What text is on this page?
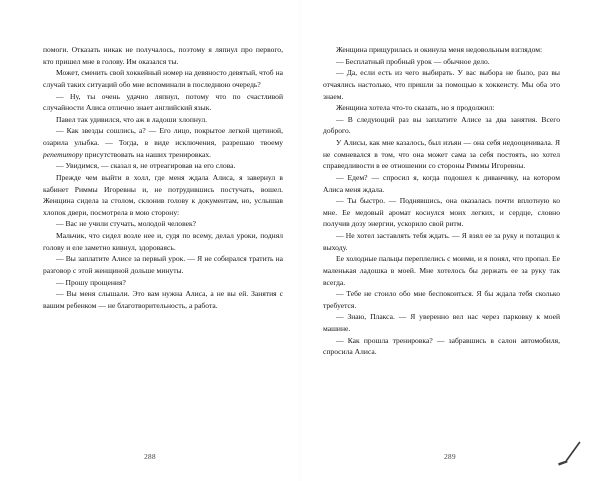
помоги. Отказать никак не получалось, поэтому я ляпнул про первого, кто пришел мне в голову. Им оказался ты.

Может, сменить свой хоккейный номер на девяносто девятый, чтоб на случай таких ситуаций обо мне вспоминали в последнюю очередь?

— Ну, ты очень удачно ляпнул, потому что по счастливой случайности Алиса отлично знает английский язык.

Павел так удивился, что аж в ладоши хлопнул.

— Как звезды сошлись, а? — Его лицо, покрытое легкой щетиной, озарила улыбка. — Тогда, в виде исключения, разрешаю твоему репетитору присутствовать на наших тренировках.

— Увидимся, — сказал я, не отреагировав на его слова.

Прежде чем выйти в холл, где меня ждала Алиса, я завернул в кабинет Риммы Игоревны и, не потрудившись постучать, вошел. Женщина сидела за столом, склонив голову к документам, но, услышав хлопок двери, посмотрела в мою сторону:

— Вас не учили стучать, молодой человек?

Мальчик, что сидел возле нее и, судя по всему, делал уроки, поднял голову и еле заметно кивнул, здороваясь.

— Вы заплатите Алисе за первый урок. — Я не собирался тратить на разговор с этой женщиной дольше минуты.

— Прошу прощения?

— Вы меня слышали. Это вам нужна Алиса, а не вы ей. Занятия с вашим ребенком — не благотворительность, а работа.

288

Женщина прищурилась и окинула меня недовольным взглядом:

— Бесплатный пробный урок — обычное дело.

— Да, если есть из чего выбирать. У вас выбора не было, раз вы отчаялись настолько, что пришли за помощью к хоккеисту. Мы оба это знаем.

Женщина хотела что-то сказать, но я продолжил:

— В следующий раз вы заплатите Алисе за два занятия. Всего доброго.

У Алисы, как мне казалось, был изъян — она себя недооценивала. Я не сомневался в том, что она может сама за себя постоять, но хотел справедливости в ее отношении со стороны Риммы Игоревны.

— Едем? — спросил я, когда подошел к диванчику, на котором Алиса меня ждала.

— Ты быстро. — Поднявшись, она оказалась почти вплотную ко мне. Ее медовый аромат коснулся моих легких, и сердце, словно получив дозу энергии, ускорило свой ритм.

— Не хотел заставлять тебя ждать. — Я взял ее за руку и потащил к выходу.

Ее холодные пальцы переплелись с моими, и я понял, что пропал. Ее маленькая ладошка в моей. Мне хотелось бы держать ее за руку так всегда.

— Тебе не стоило обо мне беспокоиться. Я бы ждала тебя сколько требуется.

— Знаю, Плакса. — Я уверенно вел нас через парковку к моей машине.

— Как прошла тренировка? — забравшись в салон автомобиля, спросила Алиса.

289
